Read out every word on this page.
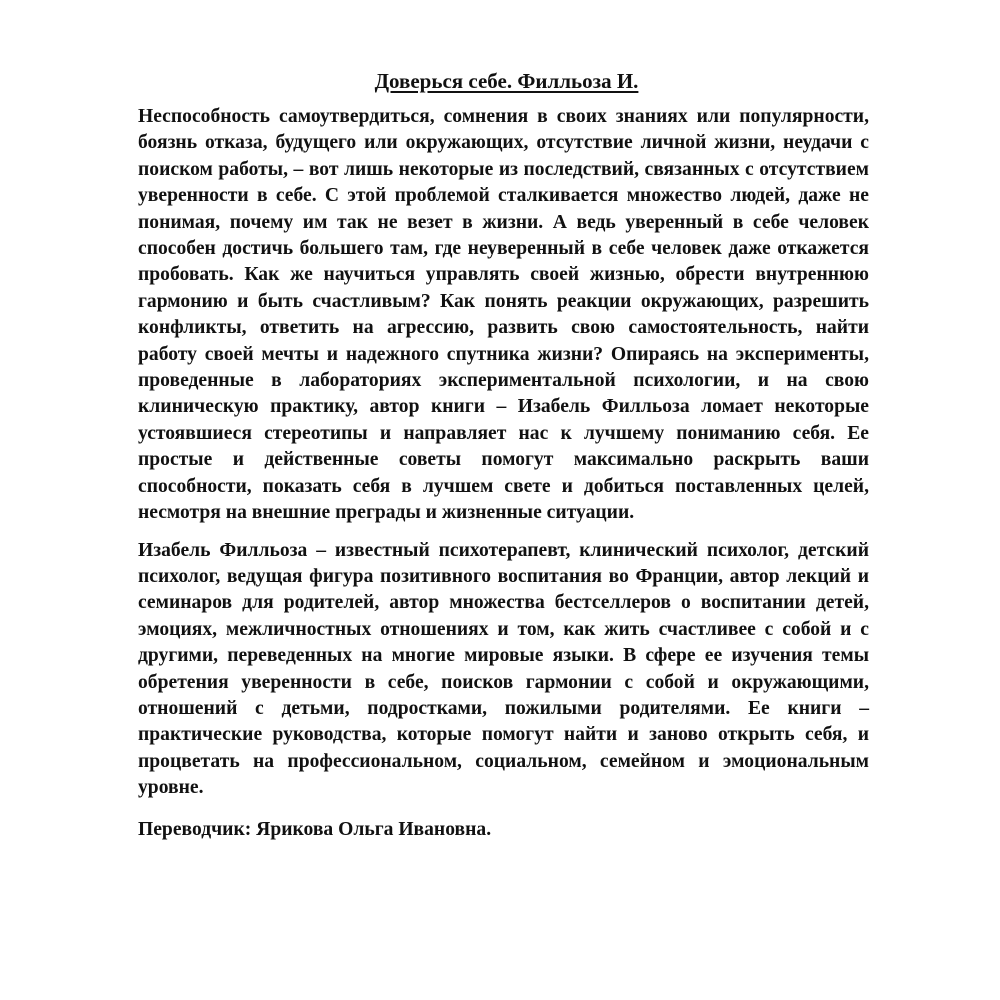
Доверься себе. Филльоза И.

Неспособность самоутвердиться, сомнения в своих знаниях или популярности, боязнь отказа, будущего или окружающих, отсутствие личной жизни, неудачи с поиском работы, – вот лишь некоторые из последствий, связанных с отсутствием уверенности в себе. С этой проблемой сталкивается множество людей, даже не понимая, почему им так не везет в жизни. А ведь уверенный в себе человек способен достичь большего там, где неуверенный в себе человек даже откажется пробовать. Как же научиться управлять своей жизнью, обрести внутреннюю гармонию и быть счастливым? Как понять реакции окружающих, разрешить конфликты, ответить на агрессию, развить свою самостоятельность, найти работу своей мечты и надежного спутника жизни? Опираясь на эксперименты, проведенные в лабораториях экспериментальной психологии, и на свою клиническую практику, автор книги – Изабель Филльоза ломает некоторые устоявшиеся стереотипы и направляет нас к лучшему пониманию себя. Ее простые и действенные советы помогут максимально раскрыть ваши способности, показать себя в лучшем свете и добиться поставленных целей, несмотря на внешние преграды и жизненные ситуации.

Изабель Филльоза – известный психотерапевт, клинический психолог, детский психолог, ведущая фигура позитивного воспитания во Франции, автор лекций и семинаров для родителей, автор множества бестселлеров о воспитании детей, эмоциях, межличностных отношениях и том, как жить счастливее с собой и с другими, переведенных на многие мировые языки. В сфере ее изучения темы обретения уверенности в себе, поисков гармонии с собой и окружающими, отношений с детьми, подростками, пожилыми родителями. Ее книги – практические руководства, которые помогут найти и заново открыть себя, и процветать на профессиональном, социальном, семейном и эмоциональным уровне.

Переводчик: Ярикова Ольга Ивановна.
